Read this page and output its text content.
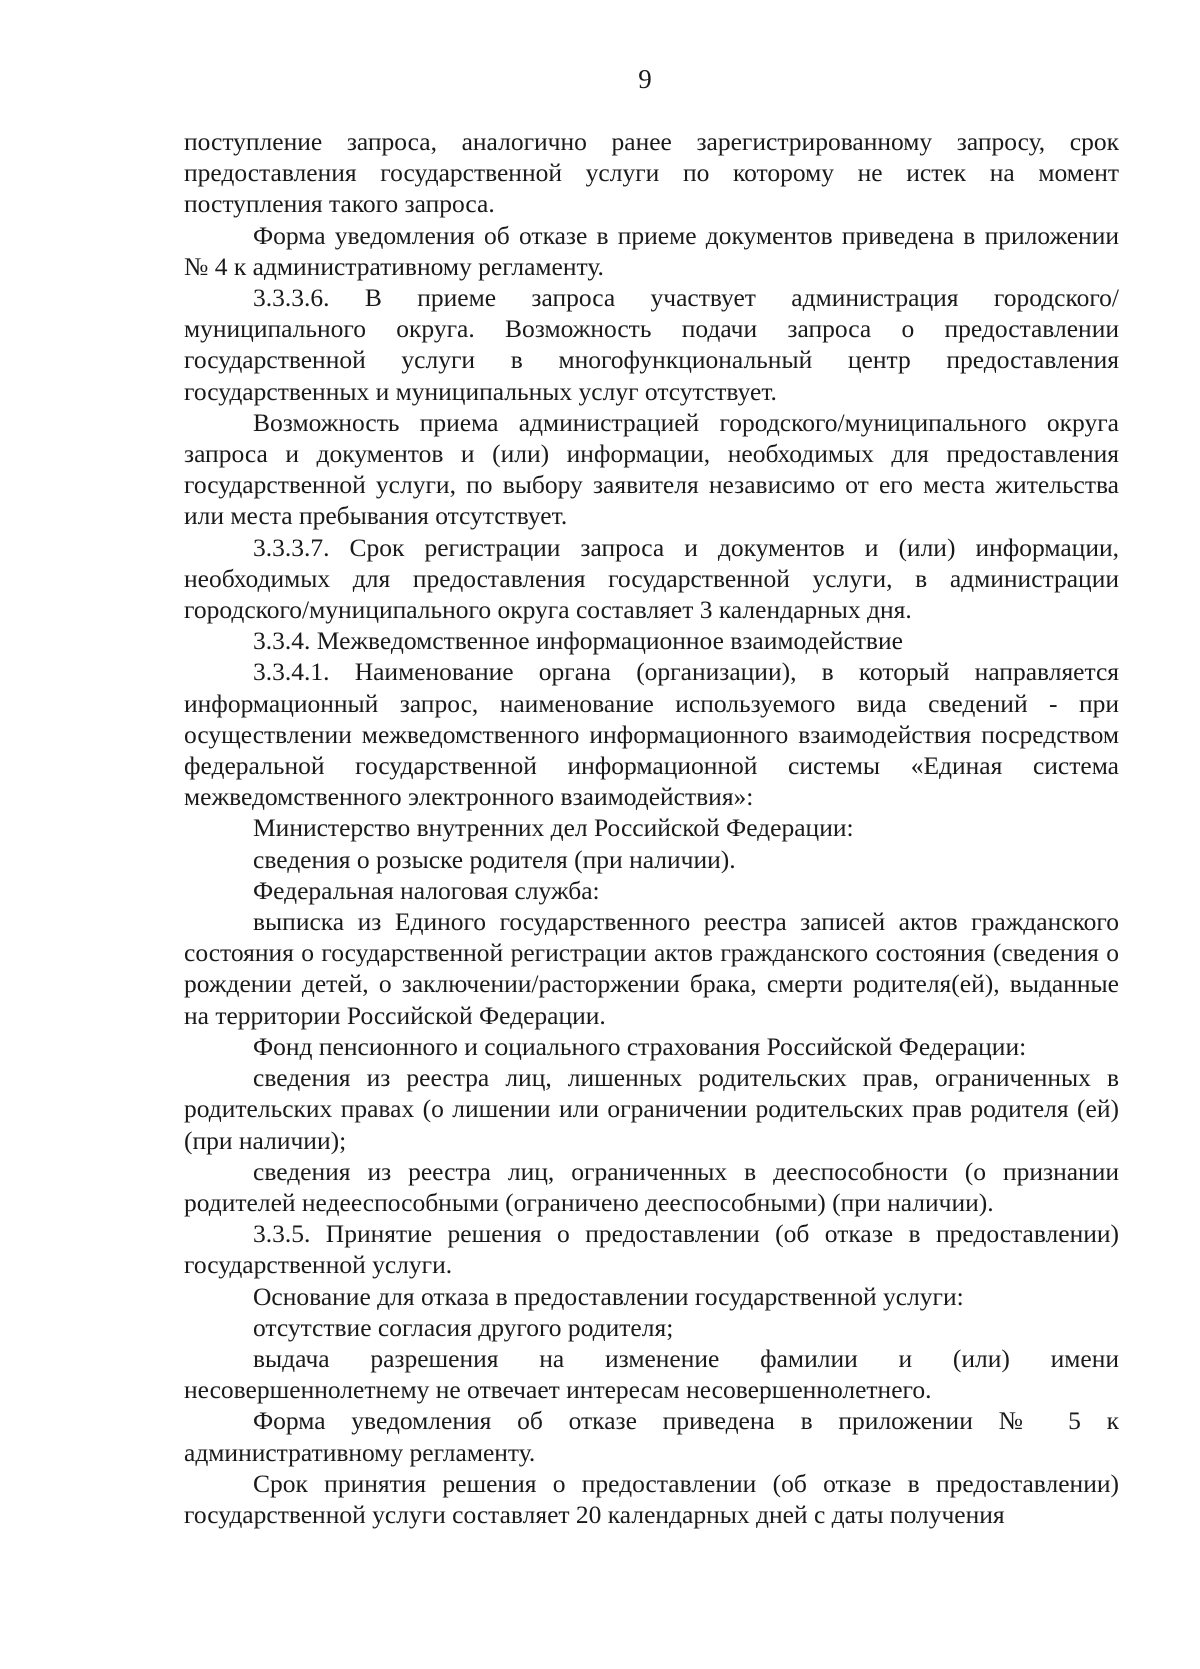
9

поступление запроса, аналогично ранее зарегистрированному запросу, срок предоставления государственной услуги по которому не истек на момент поступления такого запроса.

Форма уведомления об отказе в приеме документов приведена в приложении № 4 к административному регламенту.

3.3.3.6. В приеме запроса участвует администрация городского/муниципального округа. Возможность подачи запроса о предоставлении государственной услуги в многофункциональный центр предоставления государственных и муниципальных услуг отсутствует.

Возможность приема администрацией городского/муниципального округа запроса и документов и (или) информации, необходимых для предоставления государственной услуги, по выбору заявителя независимо от его места жительства или места пребывания отсутствует.

3.3.3.7. Срок регистрации запроса и документов и (или) информации, необходимых для предоставления государственной услуги, в администрации городского/муниципального округа составляет 3 календарных дня.

3.3.4. Межведомственное информационное взаимодействие

3.3.4.1. Наименование органа (организации), в который направляется информационный запрос, наименование используемого вида сведений - при осуществлении межведомственного информационного взаимодействия посредством федеральной государственной информационной системы «Единая система межведомственного электронного взаимодействия»:

Министерство внутренних дел Российской Федерации:

сведения о розыске родителя (при наличии).

Федеральная налоговая служба:

выписка из Единого государственного реестра записей актов гражданского состояния о государственной регистрации актов гражданского состояния (сведения о рождении детей, о заключении/расторжении брака, смерти родителя(ей), выданные на территории Российской Федерации.

Фонд пенсионного и социального страхования Российской Федерации:

сведения из реестра лиц, лишенных родительских прав, ограниченных в родительских правах (о лишении или ограничении родительских прав родителя (ей) (при наличии);

сведения из реестра лиц, ограниченных в дееспособности (о признании родителей недееспособными (ограничено дееспособными) (при наличии).

3.3.5. Принятие решения о предоставлении (об отказе в предоставлении) государственной услуги.

Основание для отказа в предоставлении государственной услуги:

отсутствие согласия другого родителя;

выдача разрешения на изменение фамилии и (или) имени несовершеннолетнему не отвечает интересам несовершеннолетнего.

Форма уведомления об отказе приведена в приложении № 5 к административному регламенту.

Срок принятия решения о предоставлении (об отказе в предоставлении) государственной услуги составляет 20 календарных дней с даты получения
